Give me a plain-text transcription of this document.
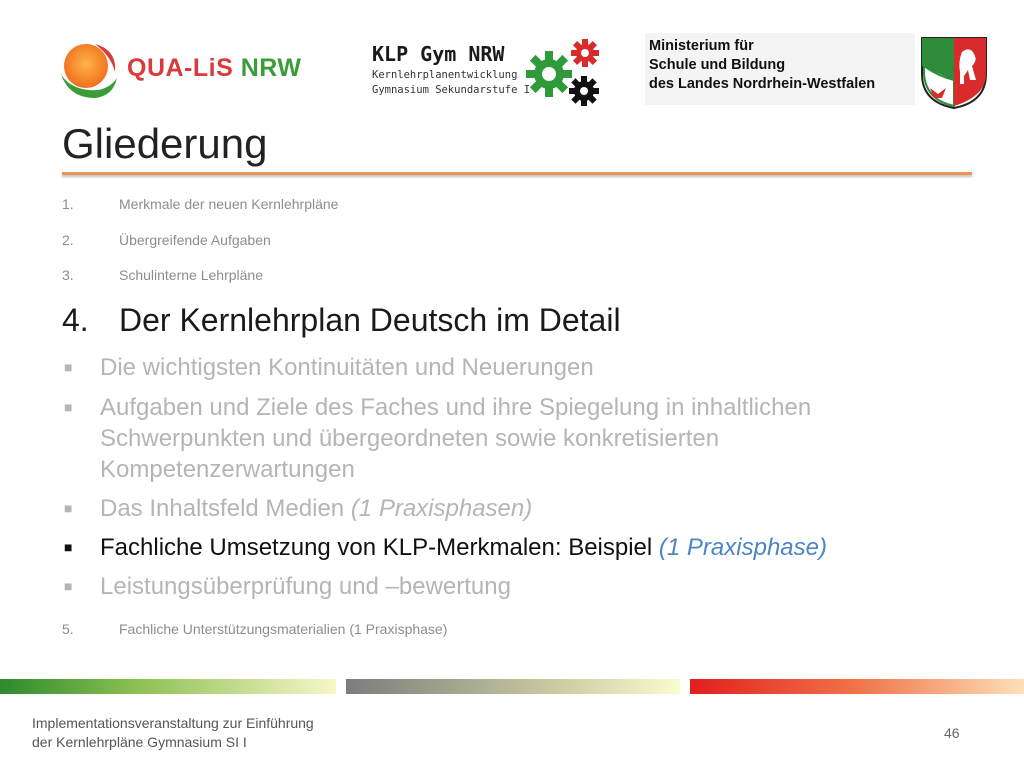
QUA-LiS NRW	KLP Gym NRW
Kernlehrplanentwicklung
Gymnasium Sekundarstufe I
Ministerium für
Schule und Bildung
des Landes Nordrhein-Westfalen
Gliederung
1.	Merkmale der neuen Kernlehrpläne
2.	Übergreifende Aufgaben
3.	Schulinterne Lehrpläne
4. Der Kernlehrplan Deutsch im Detail
■ Die wichtigsten Kontinuitäten und Neuerungen
■ Aufgaben und Ziele des Faches und ihre Spiegelung in inhaltlichen Schwerpunkten und übergeordneten sowie konkretisierten Kompetenzerwartungen
■ Das Inhaltsfeld Medien (1 Praxisphasen)
■ Fachliche Umsetzung von KLP-Merkmalen: Beispiel (1 Praxisphase)
■ Leistungsüberprüfung und –bewertung
5.	Fachliche Unterstützungsmaterialien (1 Praxisphase)
Implementationsveranstaltung zur Einführung
der Kernlehrpläne Gymnasium SI I
46
